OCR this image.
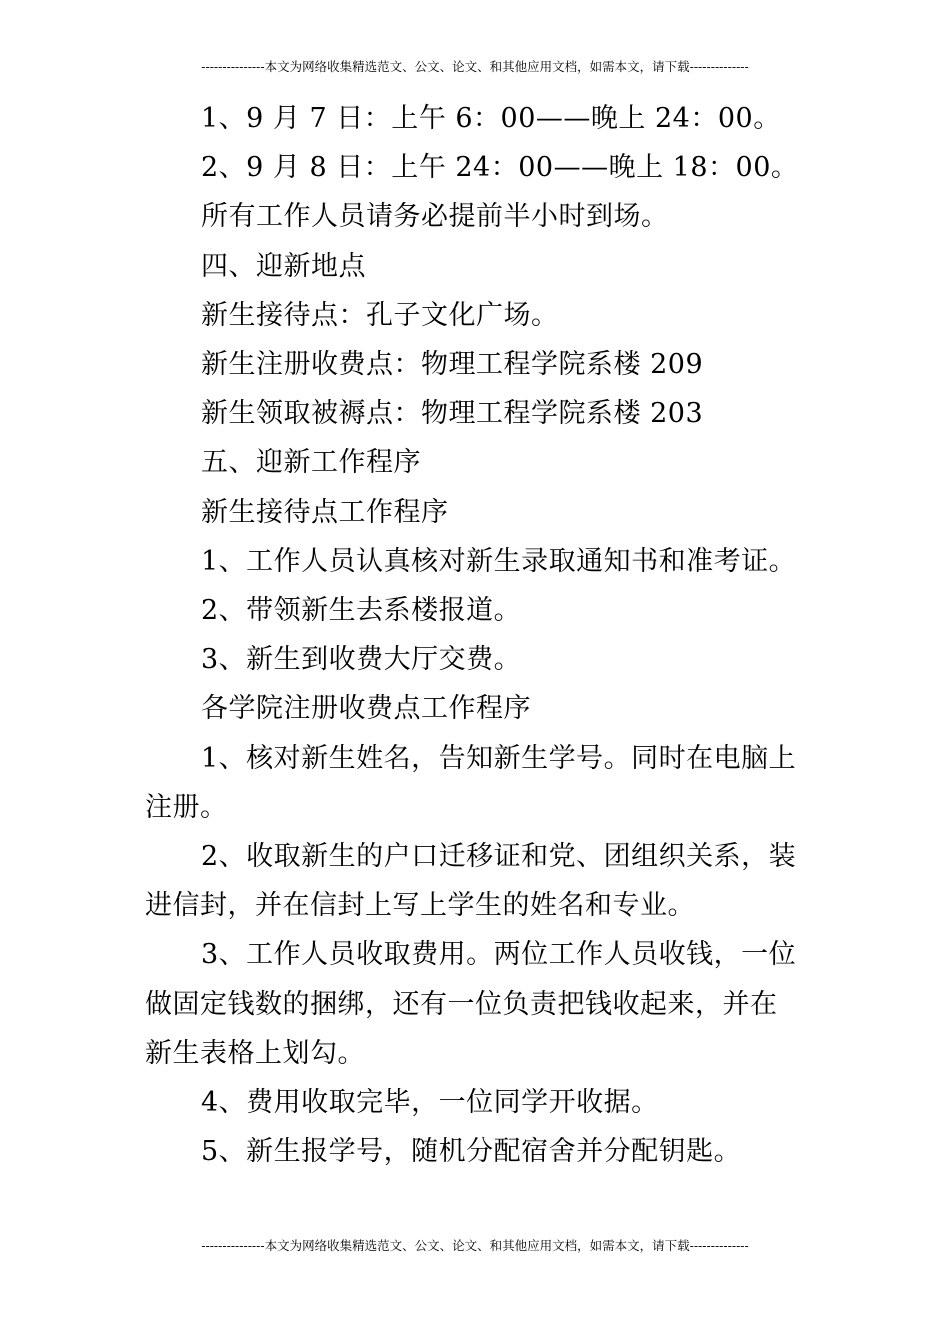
---------------本文为网络收集精选范文、公文、论文、和其他应用文档，如需本文，请下载--------------
1、9 月 7 日：上午 6：00——晚上 24：00。
2、9 月 8 日：上午 24：00——晚上 18：00。
所有工作人员请务必提前半小时到场。
四、迎新地点
新生接待点：孔子文化广场。
新生注册收费点：物理工程学院系楼 209
新生领取被褥点：物理工程学院系楼 203
五、迎新工作程序
新生接待点工作程序
1、工作人员认真核对新生录取通知书和准考证。
2、带领新生去系楼报道。
3、新生到收费大厅交费。
各学院注册收费点工作程序
1、核对新生姓名，告知新生学号。同时在电脑上
注册。
2、收取新生的户口迁移证和党、团组织关系，装
进信封，并在信封上写上学生的姓名和专业。
3、工作人员收取费用。两位工作人员收钱，一位
做固定钱数的捆绑，还有一位负责把钱收起来，并在
新生表格上划勾。
4、费用收取完毕，一位同学开收据。
5、新生报学号，随机分配宿舍并分配钥匙。
---------------本文为网络收集精选范文、公文、论文、和其他应用文档，如需本文，请下载--------------
